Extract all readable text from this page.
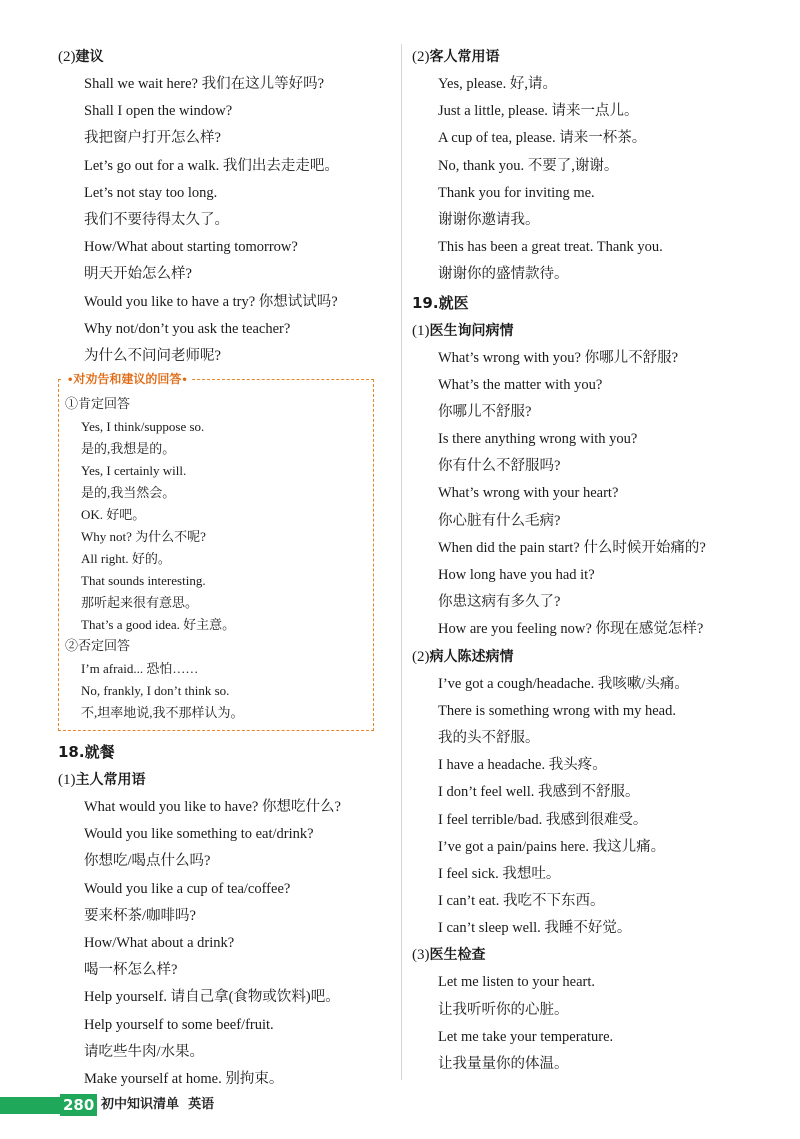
(2)建议
Shall we wait here? 我们在这儿等好吗?
Shall I open the window?
我把窗户打开怎么样?
Let’s go out for a walk. 我们出去走走吧。
Let’s not stay too long.
我们不要待得太久了。
How/What about starting tomorrow?
明天开始怎么样?
Would you like to have a try? 你想试试吗?
Why not/don’t you ask the teacher?
为什么不问问老师呢?
•对劝告和建议的回答•
①肯定回答
Yes, I think/suppose so.
是的,我想是的。
Yes, I certainly will.
是的,我当然会。
OK. 好吧。
Why not? 为什么不呢?
All right. 好的。
That sounds interesting.
那听起来很有意思。
That’s a good idea. 好主意。
②否定回答
I’m afraid... 恐怕……
No, frankly, I don’t think so.
不,坦率地说,我不那样认为。
18.就餐
(1)主人常用语
What would you like to have? 你想吃什么?
Would you like something to eat/drink?
你想吃/喝点什么吗?
Would you like a cup of tea/coffee?
要来杯茶/咖啡吗?
How/What about a drink?
喝一杯怎么样?
Help yourself. 请自己拿(食物或饮料)吧。
Help yourself to some beef/fruit.
请吃些牛肉/水果。
Make yourself at home. 别拘束。
(2)客人常用语
Yes, please. 好,请。
Just a little, please. 请来一点儿。
A cup of tea, please. 请来一杯茶。
No, thank you. 不要了,谢谢。
Thank you for inviting me.
谢谢你邀请我。
This has been a great treat. Thank you.
谢谢你的盛情款待。
19.就医
(1)医生询问病情
What’s wrong with you? 你哪儿不舒服?
What’s the matter with you?
你哪儿不舒服?
Is there anything wrong with you?
你有什么不舒服吗?
What’s wrong with your heart?
你心脏有什么毛病?
When did the pain start? 什么时候开始痛的?
How long have you had it?
你患这病有多久了?
How are you feeling now? 你现在感觉怎样?
(2)病人陈述病情
I’ve got a cough/headache. 我咳嗽/头痛。
There is something wrong with my head.
我的头不舒服。
I have a headache. 我头疼。
I don’t feel well. 我感到不舒服。
I feel terrible/bad. 我感到很难受。
I’ve got a pain/pains here. 我这儿痛。
I feel sick. 我想吐。
I can’t eat. 我吃不下东西。
I can’t sleep well. 我睡不好觉。
(3)医生检查
Let me listen to your heart.
让我听听你的心脏。
Let me take your temperature.
让我量量你的体温。
280 初中知识清单 英语
